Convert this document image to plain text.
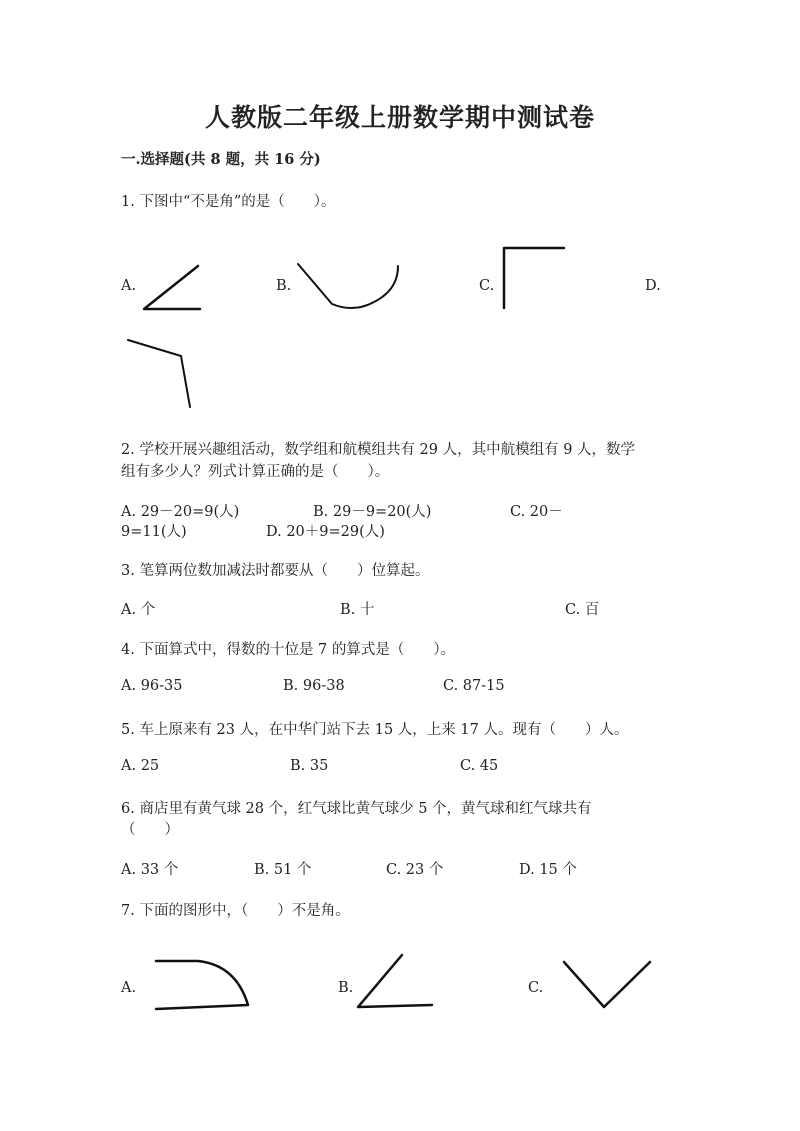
人教版二年级上册数学期中测试卷
一.选择题(共 8 题，共 16 分)
1. 下图中“不是角”的是（　　）。
A.	B.	C.	D.
2. 学校开展兴趣组活动，数学组和航模组共有 29 人，其中航模组有 9 人，数学
组有多少人？列式计算正确的是（　　）。
A. 29－20=9(人)	B. 29－9=20(人)	C. 20－
9=11(人)	D. 20＋9=29(人)
3. 笔算两位数加减法时都要从（　　）位算起。
A. 个	B. 十	C. 百
4. 下面算式中，得数的十位是 7 的算式是（　　）。
A. 96-35	B. 96-38	C. 87-15
5. 车上原来有 23 人，在中华门站下去 15 人，上来 17 人。现有（　　）人。
A. 25	B. 35	C. 45
6. 商店里有黄气球 28 个，红气球比黄气球少 5 个，黄气球和红气球共有
（　　）
A. 33 个	B. 51 个	C. 23 个	D. 15 个
7. 下面的图形中，（　　）不是角。
A.	B.	C.
